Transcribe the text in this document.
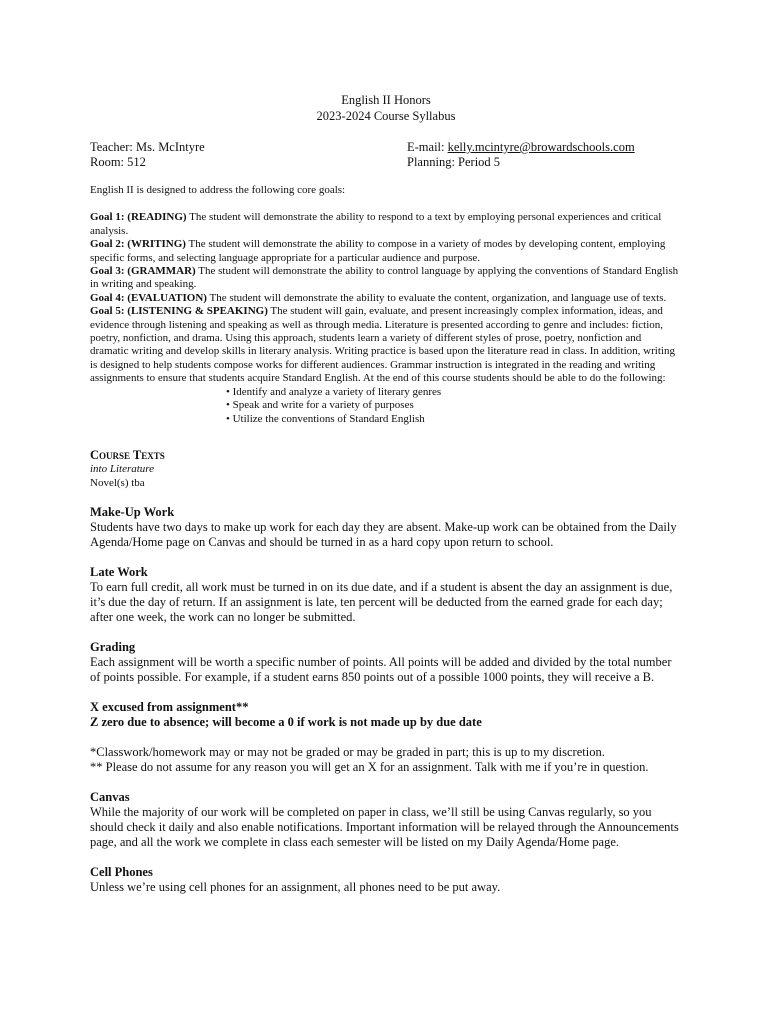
English II Honors
2023-2024 Course Syllabus
Teacher: Ms. McIntyre
Room: 512
E-mail: kelly.mcintyre@browardschools.com
Planning: Period 5
English II is designed to address the following core goals:

Goal 1: (READING) The student will demonstrate the ability to respond to a text by employing personal experiences and critical analysis.

Goal 2: (WRITING) The student will demonstrate the ability to compose in a variety of modes by developing content, employing specific forms, and selecting language appropriate for a particular audience and purpose.

Goal 3: (GRAMMAR) The student will demonstrate the ability to control language by applying the conventions of Standard English in writing and speaking.

Goal 4: (EVALUATION) The student will demonstrate the ability to evaluate the content, organization, and language use of texts.

Goal 5: (LISTENING & SPEAKING) The student will gain, evaluate, and present increasingly complex information, ideas, and evidence through listening and speaking as well as through media. Literature is presented according to genre and includes: fiction, poetry, nonfiction, and drama. Using this approach, students learn a variety of different styles of prose, poetry, nonfiction and dramatic writing and develop skills in literary analysis. Writing practice is based upon the literature read in class. In addition, writing is designed to help students compose works for different audiences. Grammar instruction is integrated in the reading and writing assignments to ensure that students acquire Standard English. At the end of this course students should be able to do the following:

• Identify and analyze a variety of literary genres
• Speak and write for a variety of purposes
• Utilize the conventions of Standard English
Course Texts
into Literature
Novel(s) tba

Make-Up Work

Students have two days to make up work for each day they are absent. Make-up work can be obtained from the Daily Agenda/Home page on Canvas and should be turned in as a hard copy upon return to school.

Late Work

To earn full credit, all work must be turned in on its due date, and if a student is absent the day an assignment is due, it’s due the day of return. If an assignment is late, ten percent will be deducted from the earned grade for each day; after one week, the work can no longer be submitted.

Grading

Each assignment will be worth a specific number of points. All points will be added and divided by the total number of points possible. For example, if a student earns 850 points out of a possible 1000 points, they will receive a B.

X excused from assignment**

Z zero due to absence; will become a 0 if work is not made up by due date

*Classwork/homework may or may not be graded or may be graded in part; this is up to my discretion.

** Please do not assume for any reason you will get an X for an assignment. Talk with me if you’re in question.

Canvas

While the majority of our work will be completed on paper in class, we’ll still be using Canvas regularly, so you should check it daily and also enable notifications. Important information will be relayed through the Announcements page, and all the work we complete in class each semester will be listed on my Daily Agenda/Home page.

Cell Phones

Unless we’re using cell phones for an assignment, all phones need to be put away.
